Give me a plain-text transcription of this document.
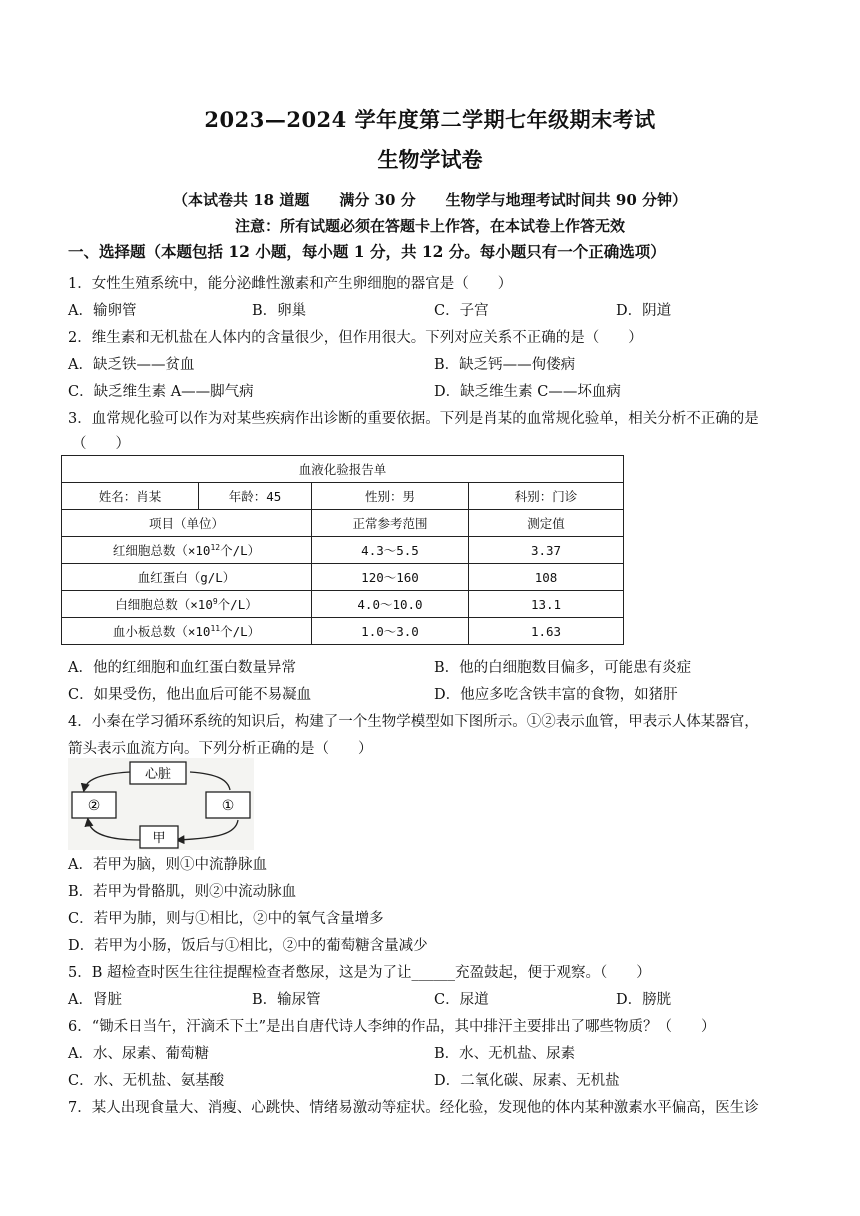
2023—2024 学年度第二学期七年级期末考试
生物学试卷
（本试卷共 18 道题　　满分 30 分　　生物学与地理考试时间共 90 分钟）
注意：所有试题必须在答题卡上作答，在本试卷上作答无效
一、选择题（本题包括 12 小题，每小题 1 分，共 12 分。每小题只有一个正确选项）
1．女性生殖系统中，能分泌雌性激素和产生卵细胞的器官是（　　）
A．输卵管	B．卵巢	C．子宫	D．阴道
2．维生素和无机盐在人体内的含量很少，但作用很大。下列对应关系不正确的是（　　）
A．缺乏铁——贫血	B．缺乏钙——佝偻病
C．缺乏维生素 A——脚气病	D．缺乏维生素 C——坏血病
3．血常规化验可以作为对某些疾病作出诊断的重要依据。下列是肖某的血常规化验单，相关分析不正确的是
（　　）
血液化验报告单			
姓名：肖某	年龄：45	性别：男	科别：门诊
项目（单位）		正常参考范围	测定值
红细胞总数（$\times 10^{12}$个/L）		4.3～5.5	3.37
血红蛋白（g/L）		120～160	108
白细胞总数（$\times 10^9$个/L）		4.0～10.0	13.1
血小板总数（$\times 10^{11}$个/L）		1.0～3.0	1.63
A．他的红细胞和血红蛋白数量异常	B．他的白细胞数目偏多，可能患有炎症
C．如果受伤，他出血后可能不易凝血	D．他应多吃含铁丰富的食物，如猪肝
4．小秦在学习循环系统的知识后，构建了一个生物学模型如下图所示。①②表示血管，甲表示人体某器官，
箭头表示血流方向。下列分析正确的是（　　）
心脏
②	①
甲
A．若甲为脑，则①中流静脉血
B．若甲为骨骼肌，则②中流动脉血
C．若甲为肺，则与①相比，②中的氧气含量增多
D．若甲为小肠，饭后与①相比，②中的葡萄糖含量减少
5．B 超检查时医生往往提醒检查者憋尿，这是为了让______充盈鼓起，便于观察。（　　）
A．肾脏	B．输尿管	C．尿道	D．膀胱
6．“锄禾日当午，汗滴禾下土”是出自唐代诗人李绅的作品，其中排汗主要排出了哪些物质？（　　）
A．水、尿素、葡萄糖	B．水、无机盐、尿素
C．水、无机盐、氨基酸	D．二氧化碳、尿素、无机盐
7．某人出现食量大、消瘦、心跳快、情绪易激动等症状。经化验，发现他的体内某种激素水平偏高，医生诊
